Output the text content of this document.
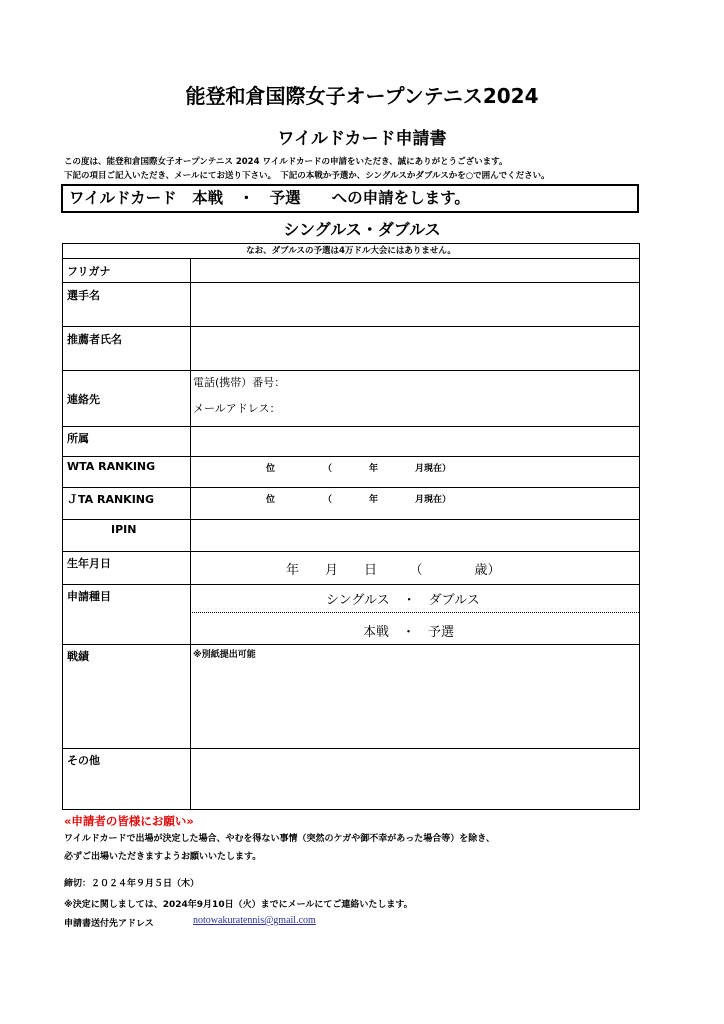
能登和倉国際女子オープンテニス2024
ワイルドカード申請書
この度は、能登和倉国際女子オープンテニス 2024 ワイルドカードの申請をいただき、誠にありがとうございます。
下記の項目ご記入いただき、メールにてお送り下さい。　下記の本戦か予選か、シングルスかダブルスかを○で囲んでください。
ワイルドカード　本戦　・　予選　　への申請をします。
シングルス・ダブルス
なお、ダブルスの予選は4万ドル大会にはありません。
フリガナ
選手名
推薦者氏名
連絡先
電話(携帯）番号：
メールアドレス：
所属
WTA RANKING	位	（	年	月現在）
ＪTA RANKING	位	（	年	月現在）
IPIN
生年月日	年　　月　　日　　　（　　　　歳）
申請種目	シングルス　・　ダブルス
本戦　・　予選
戦績	※別紙提出可能
その他
«申請者の皆様にお願い»
ワイルドカードで出場が決定した場合、やむを得ない事情（突然のケガや御不幸があった場合等）を除き、
必ずご出場いただきますようお願いいたします。
締切：２０２４年９月５日（木）
※決定に関しましては、2024年9月10日（火）までにメールにてご連絡いたします。
申請書送付先アドレス	notowakuratennis@gmail.com
